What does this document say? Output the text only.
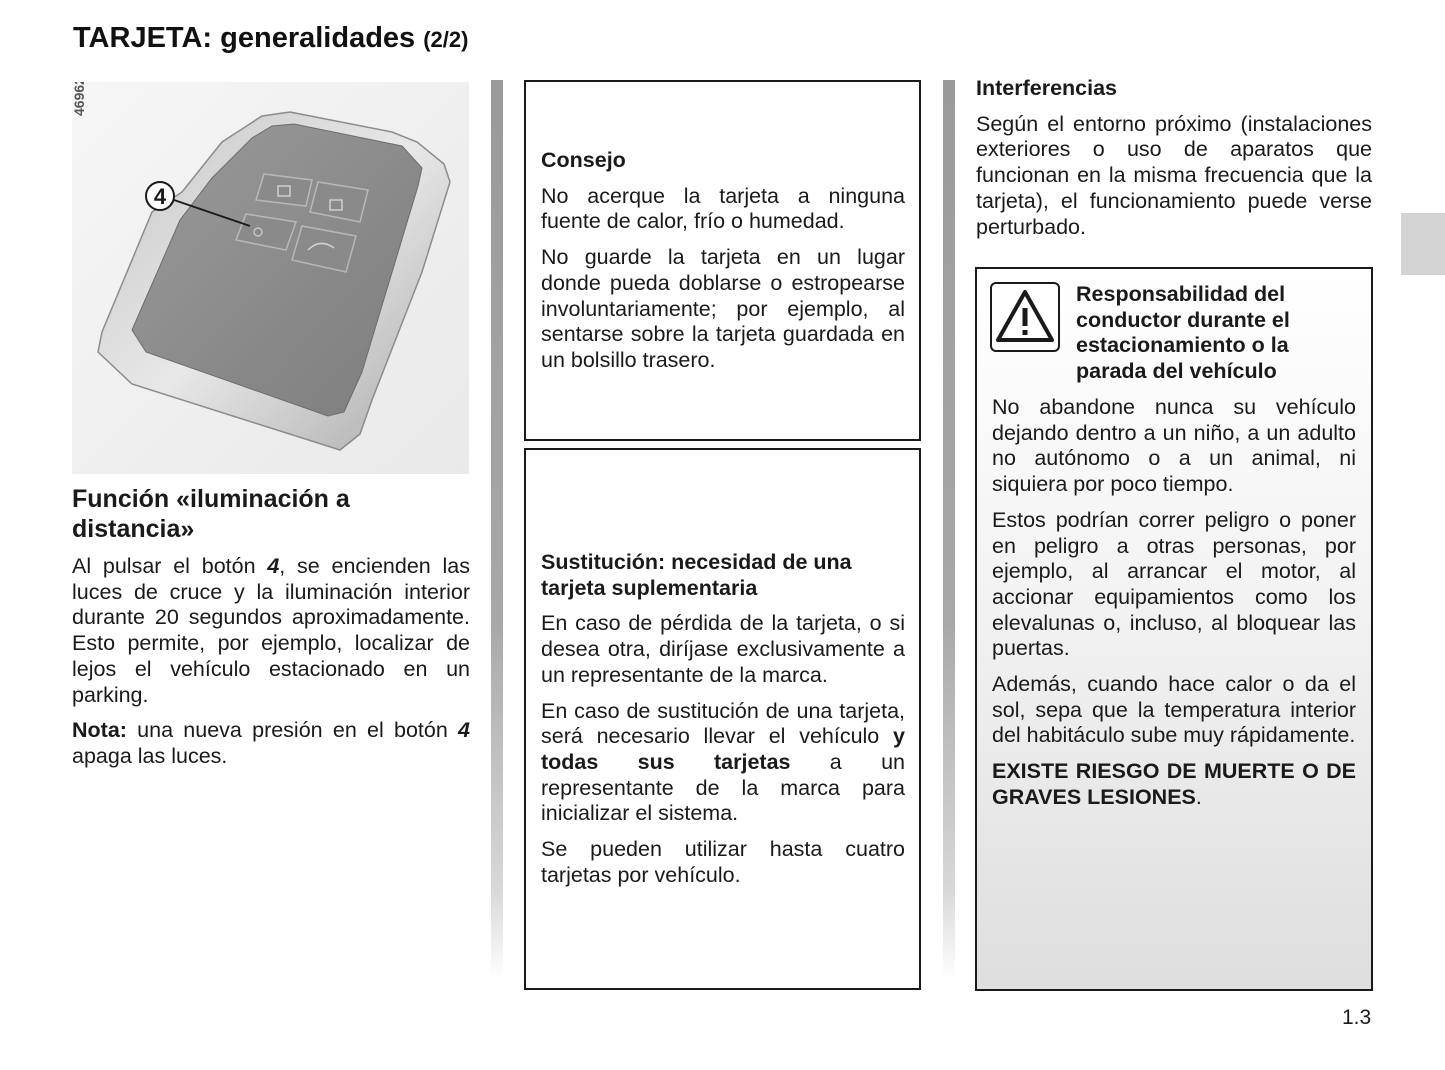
TARJETA: generalidades (2/2)
46962
4
Función «iluminación a distancia»

Al pulsar el botón 4, se encienden las luces de cruce y la iluminación interior durante 20 segundos aproximadamente. Esto permite, por ejemplo, localizar de lejos el vehículo estacionado en un parking.

Nota: una nueva presión en el botón 4 apaga las luces.

Consejo

No acerque la tarjeta a ninguna fuente de calor, frío o humedad.

No guarde la tarjeta en un lugar donde pueda doblarse o estropearse involuntariamente; por ejemplo, al sentarse sobre la tarjeta guardada en un bolsillo trasero.

Sustitución: necesidad de una tarjeta suplementaria

En caso de pérdida de la tarjeta, o si desea otra, diríjase exclusivamente a un representante de la marca.

En caso de sustitución de una tarjeta, será necesario llevar el vehículo y todas sus tarjetas a un representante de la marca para inicializar el sistema.

Se pueden utilizar hasta cuatro tarjetas por vehículo.

Interferencias

Según el entorno próximo (instalaciones exteriores o uso de aparatos que funcionan en la misma frecuencia que la tarjeta), el funcionamiento puede verse perturbado.

Responsabilidad del conductor durante el estacionamiento o la parada del vehículo

No abandone nunca su vehículo dejando dentro a un niño, a un adulto no autónomo o a un animal, ni siquiera por poco tiempo.

Estos podrían correr peligro o poner en peligro a otras personas, por ejemplo, al arrancar el motor, al accionar equipamientos como los elevalunas o, incluso, al bloquear las puertas.

Además, cuando hace calor o da el sol, sepa que la temperatura interior del habitáculo sube muy rápidamente.

EXISTE RIESGO DE MUERTE O DE GRAVES LESIONES.

1.3
